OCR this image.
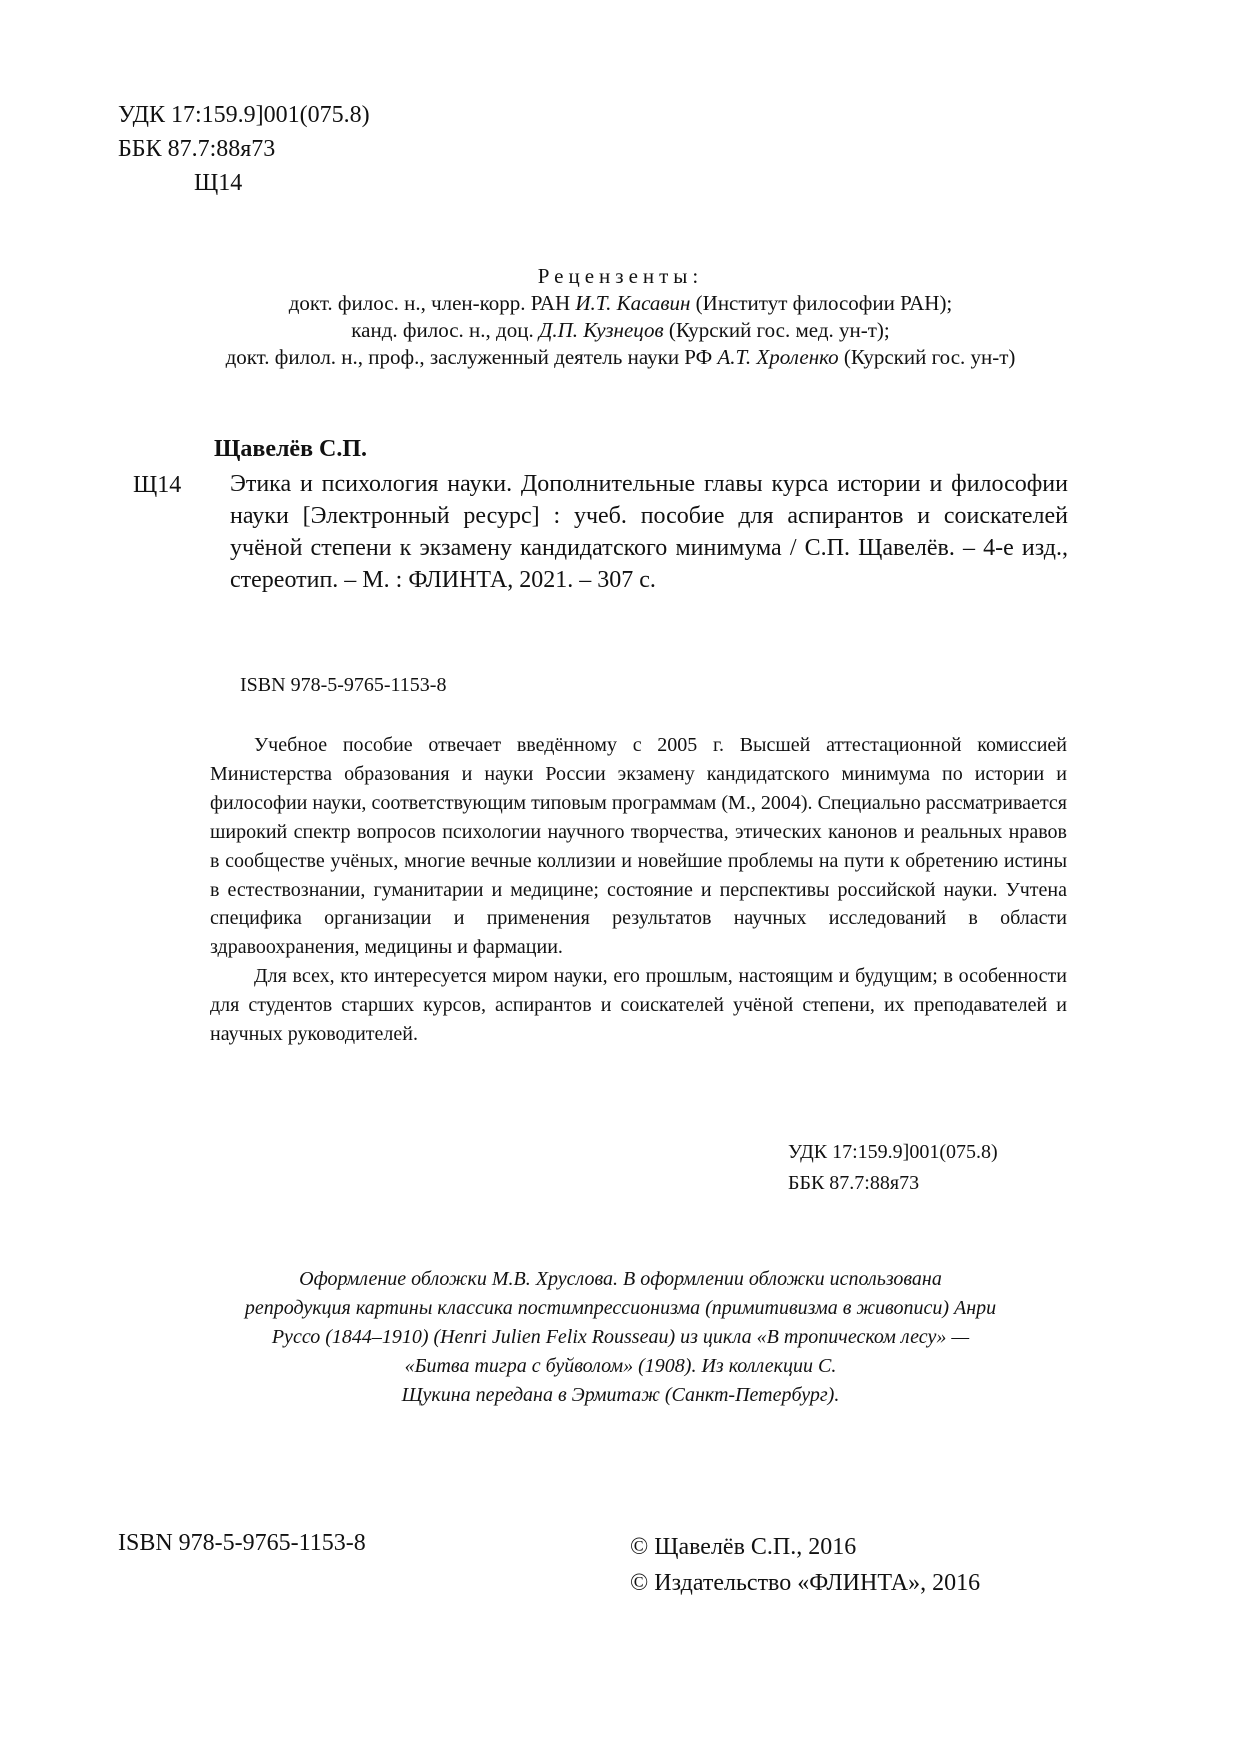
УДК 17:159.9]001(075.8)
ББК 87.7:88я73
Щ14
Рецензенты:
докт. филос. н., член-корр. РАН И.Т. Касавин (Институт философии РАН);
канд. филос. н., доц. Д.П. Кузнецов (Курский гос. мед. ун-т);
докт. филол. н., проф., заслуженный деятель науки РФ А.Т. Хроленко (Курский гос. ун-т)
Щавелёв С.П.
Щ14 Этика и психология науки. Дополнительные главы курса истории и философии науки [Электронный ресурс] : учеб. пособие для аспирантов и соискателей учёной степени к экзамену кандидатского минимума / С.П. Щавелёв. – 4-е изд., стереотип. – М. : ФЛИНТА, 2021. – 307 с.
ISBN 978-5-9765-1153-8

Учебное пособие отвечает введённому с 2005 г. Высшей аттестационной комиссией Министерства образования и науки России экзамену кандидатского минимума по истории и философии науки, соответствующим типовым программам (М., 2004). Специально рассматривается широкий спектр вопросов психологии научного творчества, этических канонов и реальных нравов в сообществе учёных, многие вечные коллизии и новейшие проблемы на пути к обретению истины в естествознании, гуманитарии и медицине; состояние и перспективы российской науки. Учтена специфика организации и применения результатов научных исследований в области здравоохранения, медицины и фармации.

Для всех, кто интересуется миром науки, его прошлым, настоящим и будущим; в особенности для студентов старших курсов, аспирантов и соискателей учёной степени, их преподавателей и научных руководителей.

УДК 17:159.9]001(075.8)
ББК 87.7:88я73
Оформление обложки М.В. Хруслова. В оформлении обложки использована
репродукция картины классика постимпрессионизма (примитивизма в живописи) Анри
Руссо (1844–1910) (Henri Julien Felix Rousseau) из цикла «В тропическом лесу» —
«Битва тигра с буйволом» (1908). Из коллекции С.
Щукина передана в Эрмитаж (Санкт-Петербург).
ISBN 978-5-9765-1153-8	© Щавелёв С.П., 2016
© Издательство «ФЛИНТА», 2016
